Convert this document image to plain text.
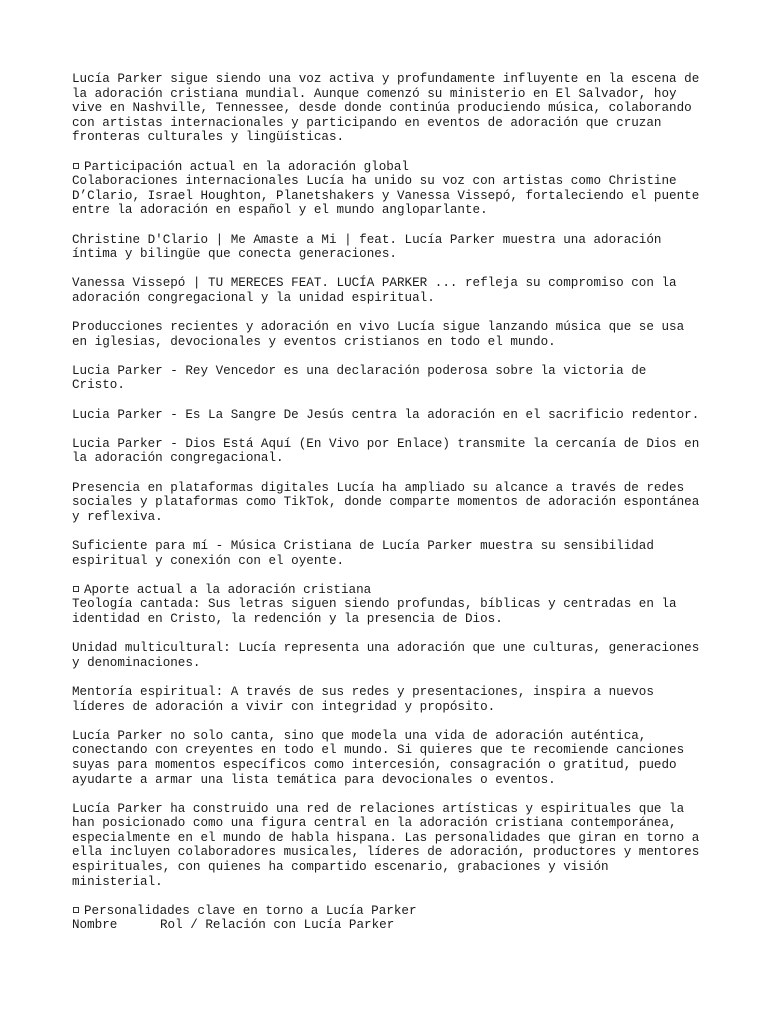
Lucía Parker sigue siendo una voz activa y profundamente influyente en la escena de
la adoración cristiana mundial. Aunque comenzó su ministerio en El Salvador, hoy
vive en Nashville, Tennessee, desde donde continúa produciendo música, colaborando
con artistas internacionales y participando en eventos de adoración que cruzan
fronteras culturales y lingüísticas.

Participación actual en la adoración global

Colaboraciones internacionales Lucía ha unido su voz con artistas como Christine
D’Clario, Israel Houghton, Planetshakers y Vanessa Vissepó, fortaleciendo el puente
entre la adoración en español y el mundo angloparlante.

Christine D'Clario | Me Amaste a Mi | feat. Lucía Parker muestra una adoración
íntima y bilingüe que conecta generaciones.

Vanessa Vissepó | TU MERECES FEAT. LUCÍA PARKER ... refleja su compromiso con la
adoración congregacional y la unidad espiritual.

Producciones recientes y adoración en vivo Lucía sigue lanzando música que se usa
en iglesias, devocionales y eventos cristianos en todo el mundo.

Lucia Parker - Rey Vencedor es una declaración poderosa sobre la victoria de
Cristo.

Lucia Parker - Es La Sangre De Jesús centra la adoración en el sacrificio redentor.

Lucia Parker - Dios Está Aquí (En Vivo por Enlace) transmite la cercanía de Dios en
la adoración congregacional.

Presencia en plataformas digitales Lucía ha ampliado su alcance a través de redes
sociales y plataformas como TikTok, donde comparte momentos de adoración espontánea
y reflexiva.

Suficiente para mí - Música Cristiana de Lucía Parker muestra su sensibilidad
espiritual y conexión con el oyente.

Aporte actual a la adoración cristiana

Teología cantada: Sus letras siguen siendo profundas, bíblicas y centradas en la
identidad en Cristo, la redención y la presencia de Dios.

Unidad multicultural: Lucía representa una adoración que une culturas, generaciones
y denominaciones.

Mentoría espiritual: A través de sus redes y presentaciones, inspira a nuevos
líderes de adoración a vivir con integridad y propósito.

Lucía Parker no solo canta, sino que modela una vida de adoración auténtica,
conectando con creyentes en todo el mundo. Si quieres que te recomiende canciones
suyas para momentos específicos como intercesión, consagración o gratitud, puedo
ayudarte a armar una lista temática para devocionales o eventos.

Lucía Parker ha construido una red de relaciones artísticas y espirituales que la
han posicionado como una figura central en la adoración cristiana contemporánea,
especialmente en el mundo de habla hispana. Las personalidades que giran en torno a
ella incluyen colaboradores musicales, líderes de adoración, productores y mentores
espirituales, con quienes ha compartido escenario, grabaciones y visión
ministerial.

Personalidades clave en torno a Lucía Parker
Nombre	Rol / Relación con Lucía Parker
